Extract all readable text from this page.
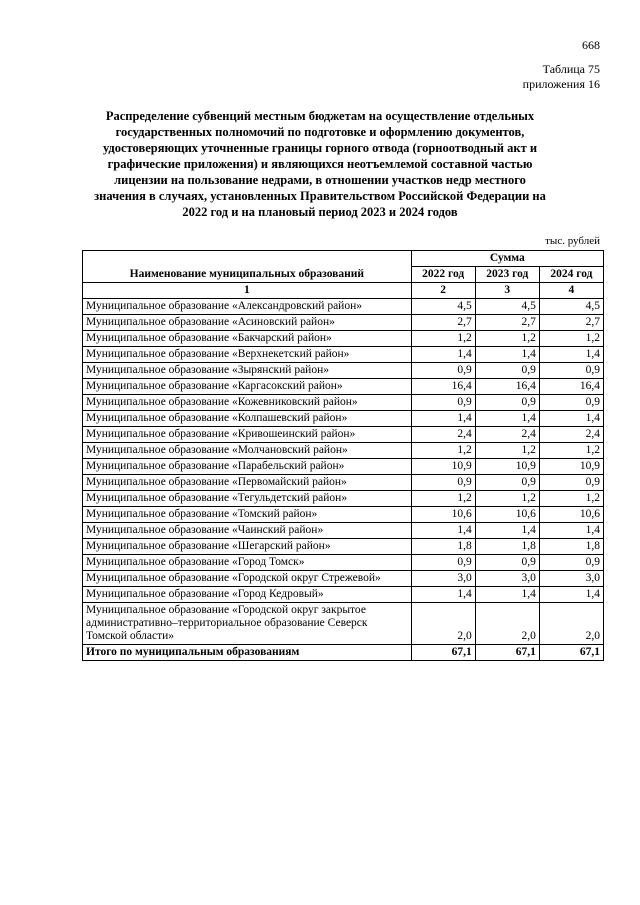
668
Таблица 75
приложения 16
Распределение субвенций местным бюджетам на осуществление отдельных государственных полномочий по подготовке и оформлению документов, удостоверяющих уточненные границы горного отвода (горноотводный акт и графические приложения) и являющихся неотъемлемой составной частью лицензии на пользование недрами, в отношении участков недр местного значения в случаях, установленных Правительством Российской Федерации на 2022 год и на плановый период 2023 и 2024 годов
тыс. рублей
Наименование муниципальных образований	Сумма		
	2022 год	2023 год	2024 год
1	2	3	4
Муниципальное образование «Александровский район»	4,5	4,5	4,5
Муниципальное образование «Асиновский район»	2,7	2,7	2,7
Муниципальное образование «Бакчарский район»	1,2	1,2	1,2
Муниципальное образование «Верхнекетский район»	1,4	1,4	1,4
Муниципальное образование «Зырянский район»	0,9	0,9	0,9
Муниципальное образование «Каргасокский район»	16,4	16,4	16,4
Муниципальное образование «Кожевниковский район»	0,9	0,9	0,9
Муниципальное образование «Колпашевский район»	1,4	1,4	1,4
Муниципальное образование «Кривошеинский район»	2,4	2,4	2,4
Муниципальное образование «Молчановский район»	1,2	1,2	1,2
Муниципальное образование «Парабельский район»	10,9	10,9	10,9
Муниципальное образование «Первомайский район»	0,9	0,9	0,9
Муниципальное образование «Тегульдетский район»	1,2	1,2	1,2
Муниципальное образование «Томский район»	10,6	10,6	10,6
Муниципальное образование «Чаинский район»	1,4	1,4	1,4
Муниципальное образование «Шегарский район»	1,8	1,8	1,8
Муниципальное образование «Город Томск»	0,9	0,9	0,9
Муниципальное образование «Городской округ Стрежевой»	3,0	3,0	3,0
Муниципальное образование «Город Кедровый»	1,4	1,4	1,4
Муниципальное образование «Городской округ закрытое административно–территориальное образование Северск Томской области»	2,0	2,0	2,0
Итого по муниципальным образованиям	67,1	67,1	67,1
